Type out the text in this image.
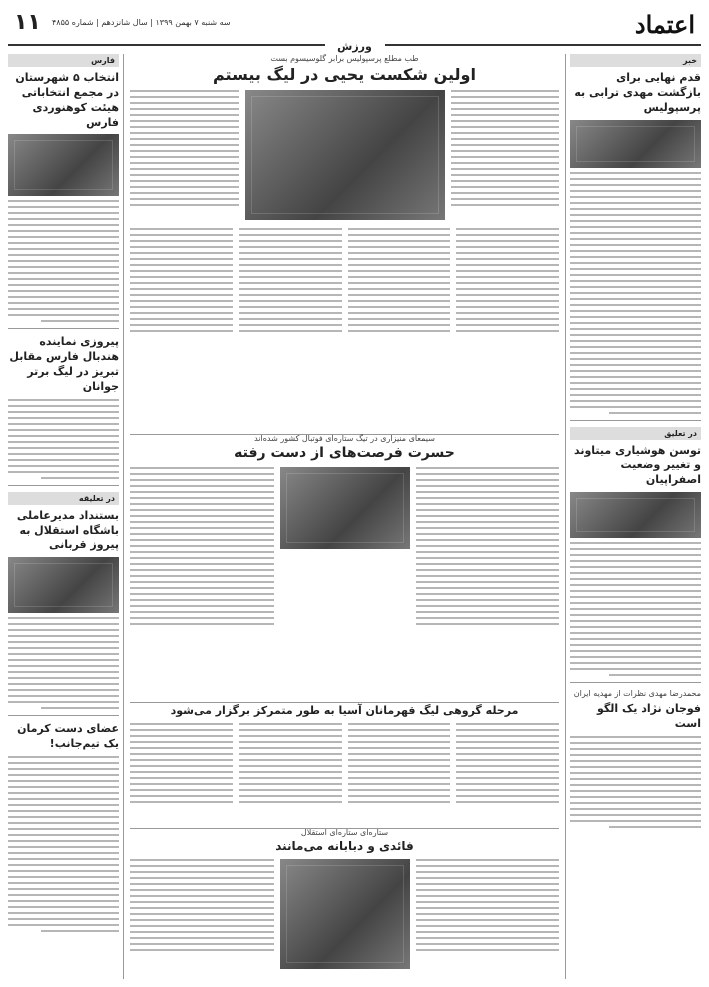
اعتماد
۱۱ سه شنبه ۷ بهمن ۱۳۹۹ | سال شانزدهم | شماره ۴۸۵۵
ورزش
خبر
قدم نهایی برای بازگشت مهدی ترابی به پرسپولیس
در تعلیق
توسن هوشیاری میتاوند و تغییر وضعیت اصفراپیان
محمدرضا مهدی نظرات از مهدیه ایران
فوجان نژاد یک الگو است
طب مطلع پرسپولیس برابر گلوسیسوم بست
اولین شکست یحیی در لیگ بیستم
سیمعای منیزاری در تیگ ستاره‌ای فوتبال کشور شده‌اند
حسرت فرصت‌های از دست رفته
مرحله گروهی لیگ قهرمانان آسیا به طور متمرکز برگزار می‌شود
ستاره‌ای ستاره‌ای استقلال
فائدی و دبابانه می‌مانند
فارس
انتخاب ۵ شهرستان در مجمع انتخاباتی هیئت کوهنوردی فارس
پیروزی نماینده هندبال فارس مقابل تبریز در لیگ برتر جوانان
در تعلیقه
بستنداد مدیرعاملی باشگاه استقلال به پیروز قربانی
عضای دست کرمان یک تیم‌جانب!
